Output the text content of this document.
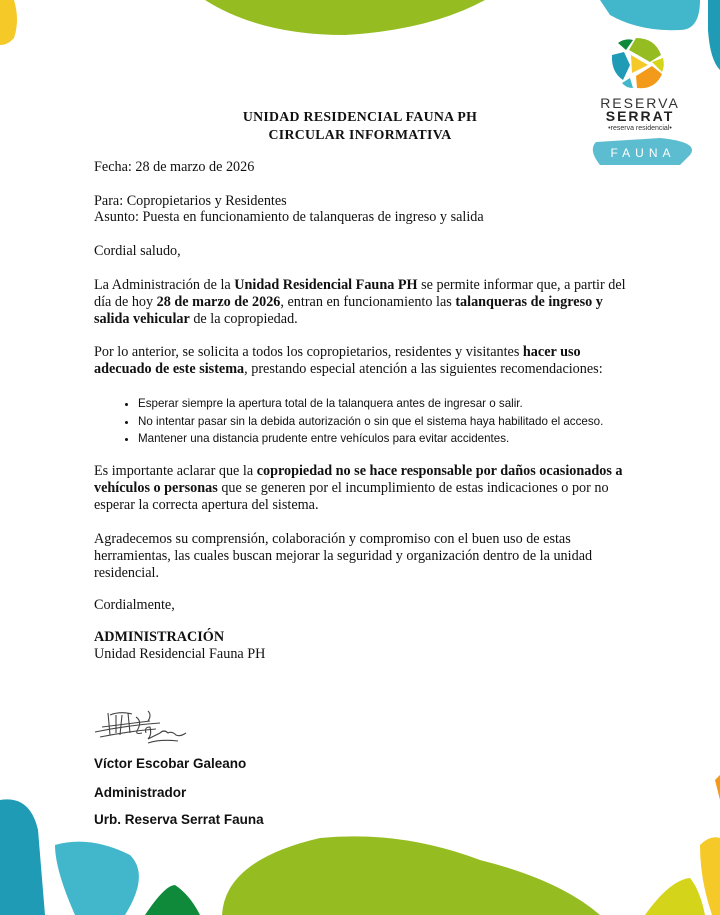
RESERVA
SERRAT
•reserva residencial•
FAUNA
UNIDAD RESIDENCIAL FAUNA PH
CIRCULAR INFORMATIVA
Fecha: 28 de marzo de 2026
Para: Copropietarios y Residentes
Asunto: Puesta en funcionamiento de talanqueras de ingreso y salida
Cordial saludo,
La Administración de la Unidad Residencial Fauna PH se permite informar que, a partir del día de hoy 28 de marzo de 2026, entran en funcionamiento las talanqueras de ingreso y salida vehicular de la copropiedad.
Por lo anterior, se solicita a todos los copropietarios, residentes y visitantes hacer uso adecuado de este sistema, prestando especial atención a las siguientes recomendaciones:
• Esperar siempre la apertura total de la talanquera antes de ingresar o salir.
• No intentar pasar sin la debida autorización o sin que el sistema haya habilitado el acceso.
• Mantener una distancia prudente entre vehículos para evitar accidentes.
Es importante aclarar que la copropiedad no se hace responsable por daños ocasionados a vehículos o personas que se generen por el incumplimiento de estas indicaciones o por no esperar la correcta apertura del sistema.
Agradecemos su comprensión, colaboración y compromiso con el buen uso de estas herramientas, las cuales buscan mejorar la seguridad y organización dentro de la unidad residencial.
Cordialmente,
ADMINISTRACIÓN
Unidad Residencial Fauna PH
Víctor Escobar Galeano
Administrador
Urb. Reserva Serrat Fauna
